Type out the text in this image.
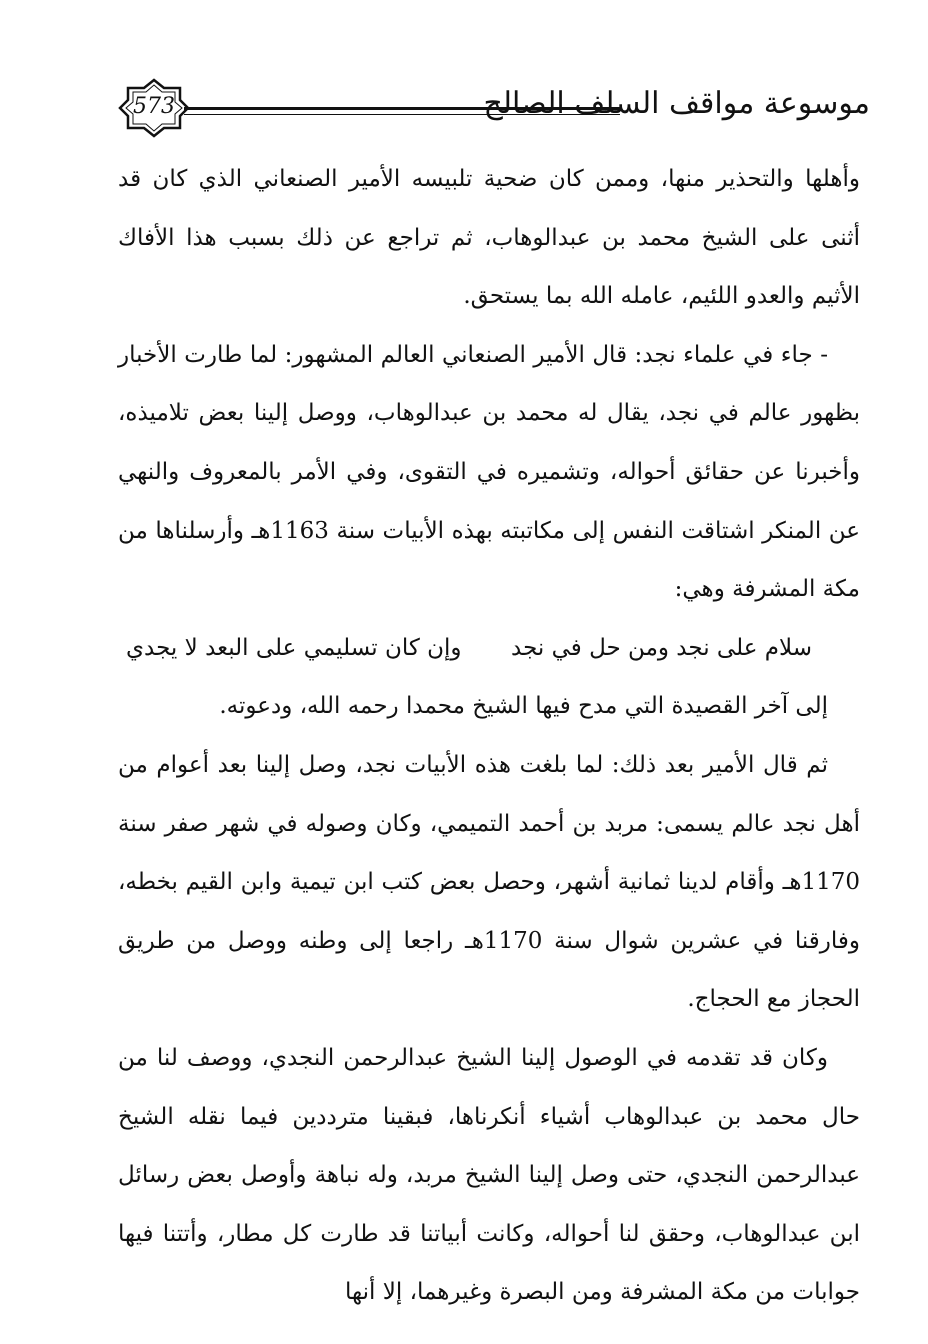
موسوعة مواقف السلف الصالح
573

وأهلها والتحذير منها، وممن كان ضحية تلبيسه الأمير الصنعاني الذي كان قد أثنى على الشيخ محمد بن عبدالوهاب، ثم تراجع عن ذلك بسبب هذا الأفاك الأثيم والعدو اللئيم، عامله الله بما يستحق.

- جاء في علماء نجد: قال الأمير الصنعاني العالم المشهور: لما طارت الأخبار بظهور عالم في نجد، يقال له محمد بن عبدالوهاب، ووصل إلينا بعض تلاميذه، وأخبرنا عن حقائق أحواله، وتشميره في التقوى، وفي الأمر بالمعروف والنهي عن المنكر اشتاقت النفس إلى مكاتبته بهذه الأبيات سنة 1163هـ وأرسلناها من مكة المشرفة وهي:

سلام على نجد ومن حل في نجد
وإن كان تسليمي على البعد لا يجدي

إلى آخر القصيدة التي مدح فيها الشيخ محمدا رحمه الله، ودعوته.

ثم قال الأمير بعد ذلك: لما بلغت هذه الأبيات نجد، وصل إلينا بعد أعوام من أهل نجد عالم يسمى: مربد بن أحمد التميمي، وكان وصوله في شهر صفر سنة 1170هـ وأقام لدينا ثمانية أشهر، وحصل بعض كتب ابن تيمية وابن القيم بخطه، وفارقنا في عشرين شوال سنة 1170هـ راجعا إلى وطنه ووصل من طريق الحجاز مع الحجاج.

وكان قد تقدمه في الوصول إلينا الشيخ عبدالرحمن النجدي، ووصف لنا من حال محمد بن عبدالوهاب أشياء أنكرناها، فبقينا مترددين فيما نقله الشيخ عبدالرحمن النجدي، حتى وصل إلينا الشيخ مربد، وله نباهة وأوصل بعض رسائل ابن عبدالوهاب، وحقق لنا أحواله، وكانت أبياتنا قد طارت كل مطار، وأتتنا فيها جوابات من مكة المشرفة ومن البصرة وغيرهما، إلا أنها
